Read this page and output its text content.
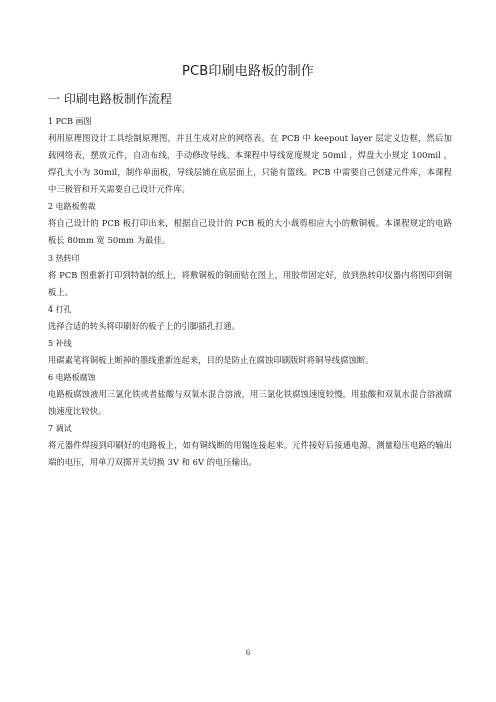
PCB印刷电路板的制作
一 印刷电路板制作流程
1 PCB 画图
利用原理图设计工具绘制原理图，并且生成对应的网络表。在 PCB 中 keepout layer 层定义边框，然后加载网络表，摆放元件，自动布线，手动修改导线。本课程中导线宽度规定 50mil ，焊盘大小规定 100mil ，焊孔大小为 30mil，制作单面板，导线层铺在底层面上，只能有篮线。PCB 中需要自己创建元件库，本课程中三极管和开关需要自己设计元件库。
2 电路板剪裁
将自己设计的 PCB 板打印出来，根据自己设计的 PCB 板的大小裁剪相应大小的敷铜板。本课程规定的电路板长 80mm 宽 50mm 为最佳。
3 热转印
将 PCB 图重新打印到特制的纸上，将敷铜板的铜面贴在图上，用胶带固定好，放到热转印仪器内将图印到铜板上。
4 打孔
选择合适的转头将印刷好的板子上的引脚插孔打通。
5 补线
用碳素笔将铜板上断掉的墨线重新连起来，目的是防止在腐蚀印刷版时将铜导线腐蚀断。
6 电路板腐蚀
电路板腐蚀液用三氯化铁或者盐酸与双氧水混合溶液，用三氯化铁腐蚀速度较慢，用盐酸和双氧水混合溶液腐蚀速度比较快。
7 调试
将元器件焊接到印刷好的电路板上，如有铜线断的用锡连接起来。元件接好后接通电源，测量稳压电路的输出端的电压，用单刀双掷开关切换 3V 和 6V 的电压输出。
6
